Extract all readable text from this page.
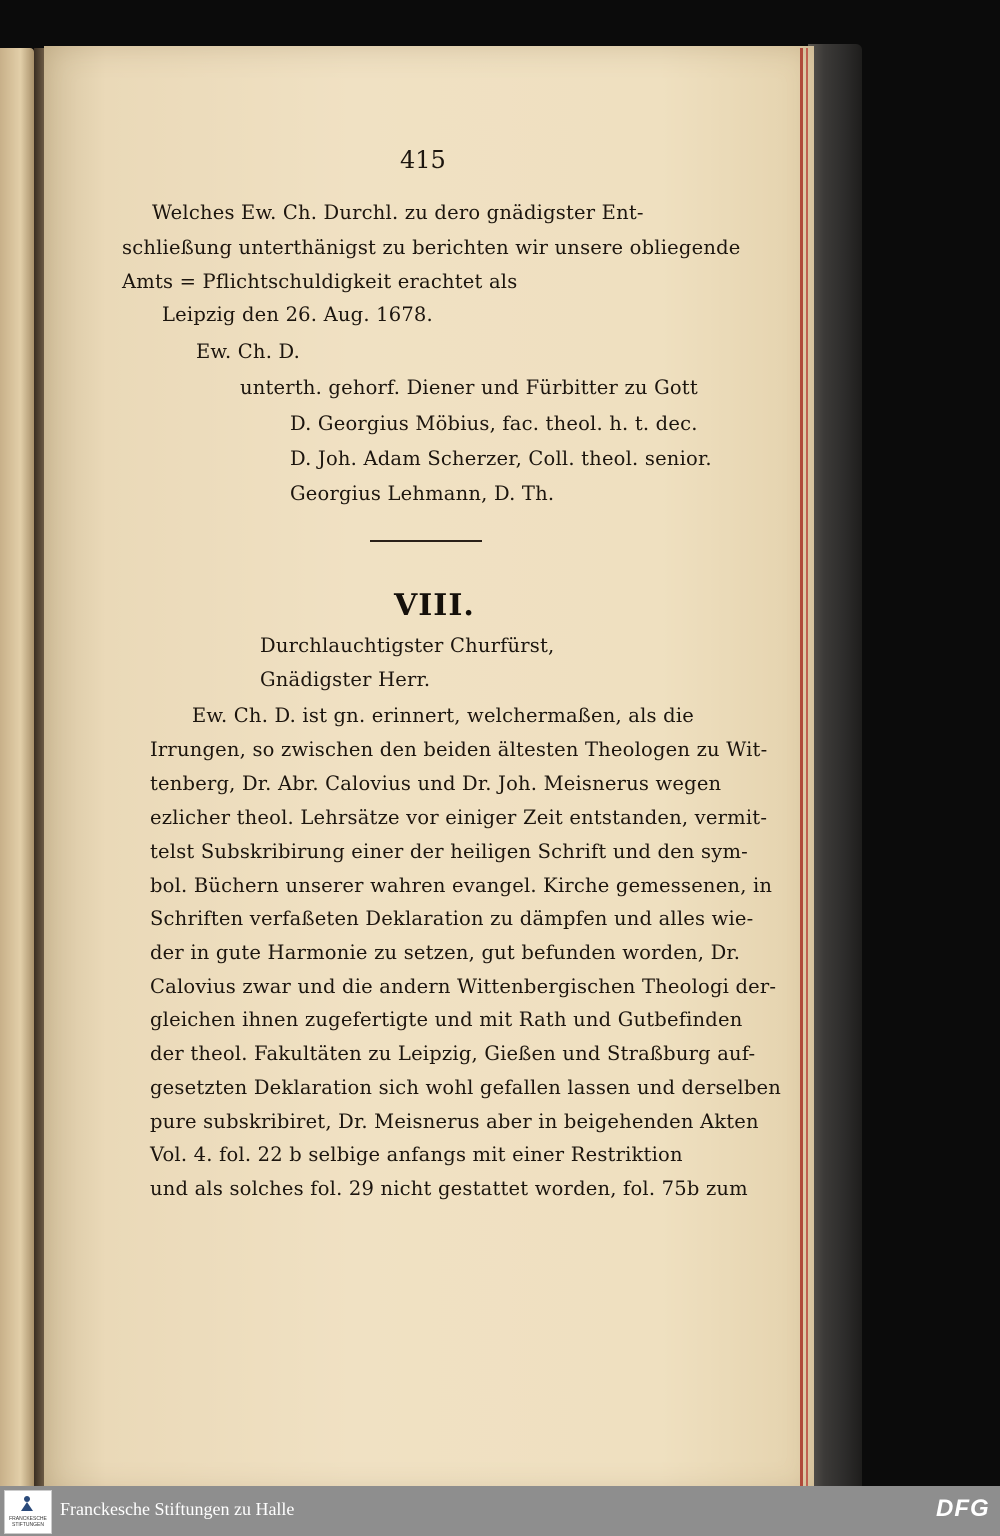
415
Welches Ew. Ch. Durchl. zu dero gnädigster Ent-
schließung unterthänigst zu berichten wir unsere obliegende
Amts = Pflichtschuldigkeit erachtet als
Leipzig den 26. Aug. 1678.
Ew. Ch. D.
unterth. gehorf. Diener und Fürbitter zu Gott
D. Georgius Möbius, fac. theol. h. t. dec.
D. Joh. Adam Scherzer, Coll. theol. senior.
Georgius Lehmann, D. Th.
VIII.
Durchlauchtigster Churfürst,
Gnädigster Herr.
Ew. Ch. D. ist gn. erinnert, welchermaßen, als die
Irrungen, so zwischen den beiden ältesten Theologen zu Wit-
tenberg, Dr. Abr. Calovius und Dr. Joh. Meisnerus wegen
ezlicher theol. Lehrsätze vor einiger Zeit entstanden, vermit-
telst Subskribirung einer der heiligen Schrift und den sym-
bol. Büchern unserer wahren evangel. Kirche gemessenen, in
Schriften verfaßeten Deklaration zu dämpfen und alles wie-
der in gute Harmonie zu setzen, gut befunden worden, Dr.
Calovius zwar und die andern Wittenbergischen Theologi der-
gleichen ihnen zugefertigte und mit Rath und Gutbefinden
der theol. Fakultäten zu Leipzig, Gießen und Straßburg auf-
gesetzten Deklaration sich wohl gefallen lassen und derselben
pure subskribiret, Dr. Meisnerus aber in beigehenden Akten
Vol. 4. fol. 22 b selbige anfangs mit einer Restriktion
und als solches fol. 29 nicht gestattet worden, fol. 75b zum
FRANCKESCHE STIFTUNGEN
Franckesche Stiftungen zu Halle	DFG
